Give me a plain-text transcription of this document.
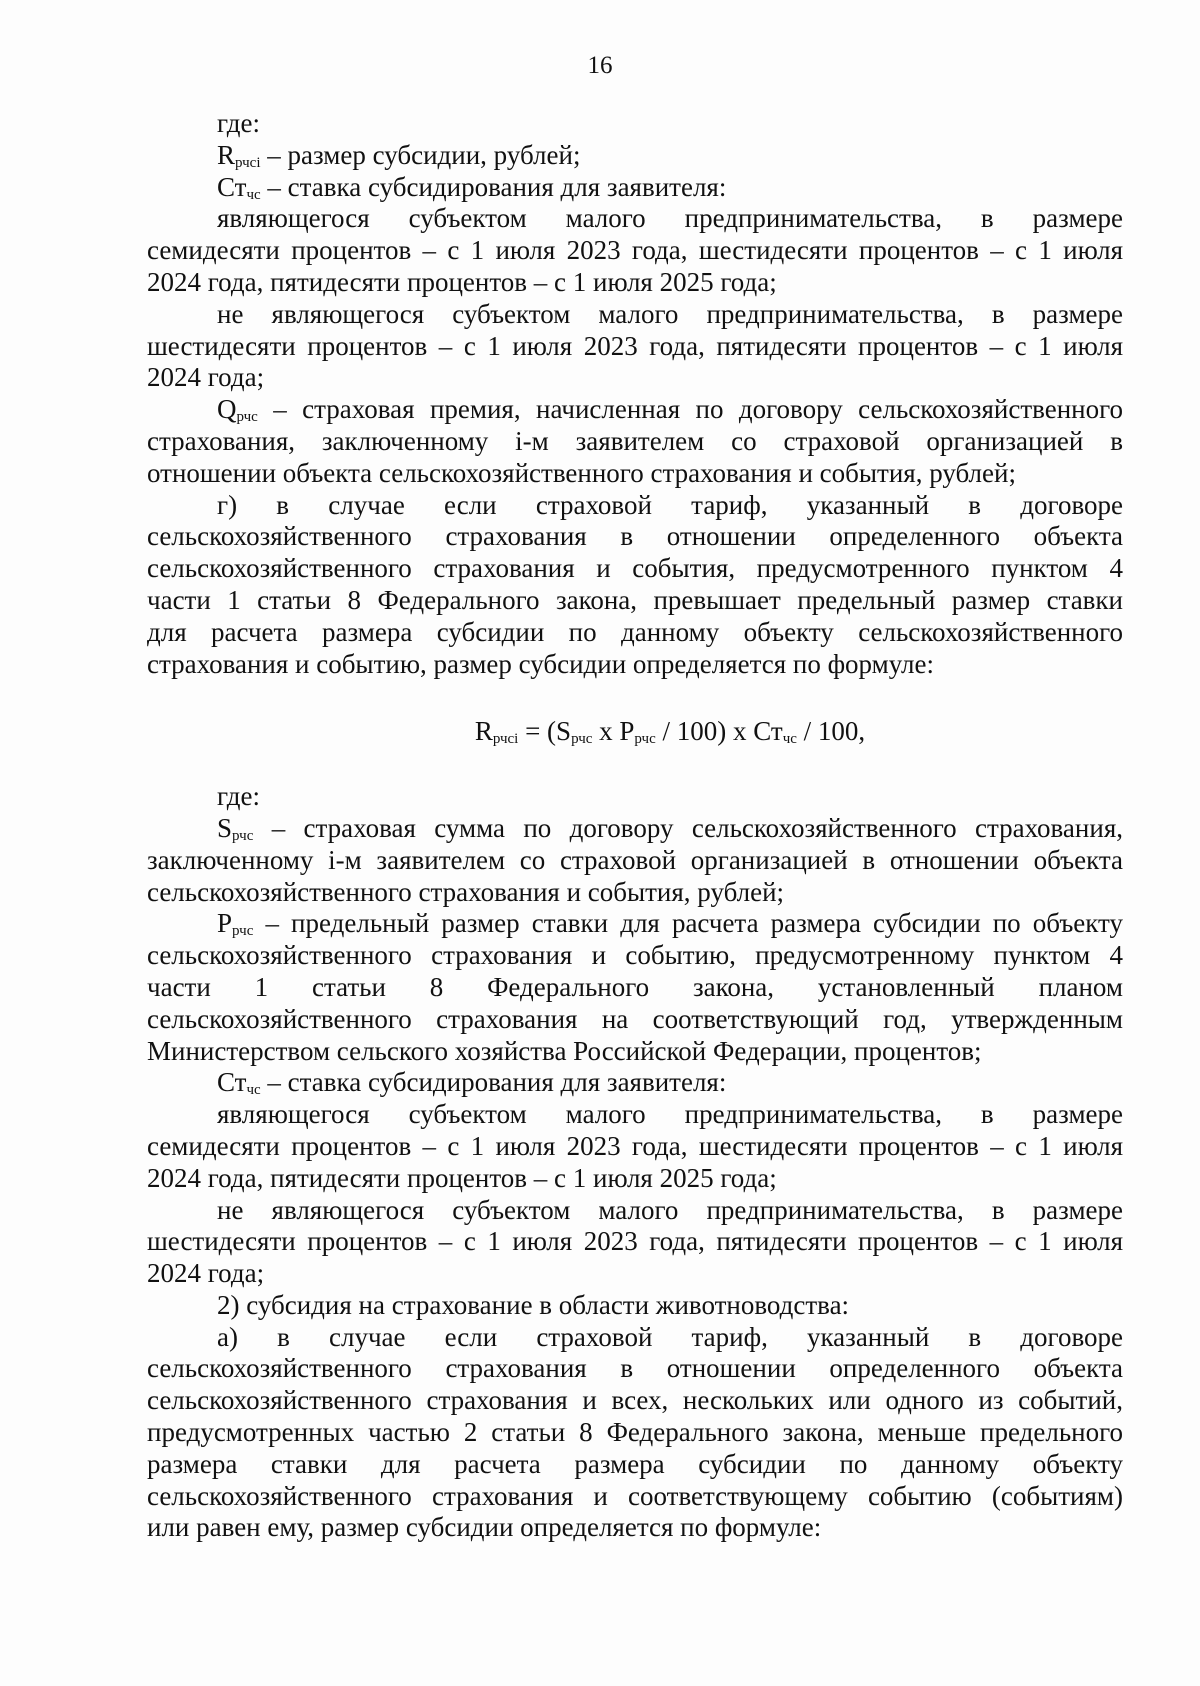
16

где:

$R_{рчсi}$ – размер субсидии, рублей;

$Ст_{чс}$ – ставка субсидирования для заявителя:

являющегося субъектом малого предпринимательства, в размере

семидесяти процентов – с 1 июля 2023 года, шестидесяти процентов – с 1 июля

2024 года, пятидесяти процентов – с 1 июля 2025 года;

не являющегося субъектом малого предпринимательства, в размере

шестидесяти процентов – с 1 июля 2023 года, пятидесяти процентов – с 1 июля

2024 года;

$Q_{рчс}$ – страховая премия, начисленная по договору сельскохозяйственного

страхования, заключенному i-м заявителем со страховой организацией в

отношении объекта сельскохозяйственного страхования и события, рублей;

г) в случае если страховой тариф, указанный в договоре

сельскохозяйственного страхования в отношении определенного объекта

сельскохозяйственного страхования и события, предусмотренного пунктом 4

части 1 статьи 8 Федерального закона, превышает предельный размер ставки

для расчета размера субсидии по данному объекту сельскохозяйственного

страхования и событию, размер субсидии определяется по формуле:

$R_{рчсi} = (S_{рчс}$ x $P_{рчс} / 100$) x $Ст_{чс} / 100$,

где:

$S_{рчс}$ – страховая сумма по договору сельскохозяйственного страхования,

заключенному i-м заявителем со страховой организацией в отношении объекта

сельскохозяйственного страхования и события, рублей;

$P_{рчс}$ – предельный размер ставки для расчета размера субсидии по объекту

сельскохозяйственного страхования и событию, предусмотренному пунктом 4

части 1 статьи 8 Федерального закона, установленный планом

сельскохозяйственного страхования на соответствующий год, утвержденным

Министерством сельского хозяйства Российской Федерации, процентов;

$Ст_{чс}$ – ставка субсидирования для заявителя:

являющегося субъектом малого предпринимательства, в размере

семидесяти процентов – с 1 июля 2023 года, шестидесяти процентов – с 1 июля

2024 года, пятидесяти процентов – с 1 июля 2025 года;

не являющегося субъектом малого предпринимательства, в размере

шестидесяти процентов – с 1 июля 2023 года, пятидесяти процентов – с 1 июля

2024 года;

2) субсидия на страхование в области животноводства:

а) в случае если страховой тариф, указанный в договоре

сельскохозяйственного страхования в отношении определенного объекта

сельскохозяйственного страхования и всех, нескольких или одного из событий,

предусмотренных частью 2 статьи 8 Федерального закона, меньше предельного

размера ставки для расчета размера субсидии по данному объекту

сельскохозяйственного страхования и соответствующему событию (событиям)

или равен ему, размер субсидии определяется по формуле:
